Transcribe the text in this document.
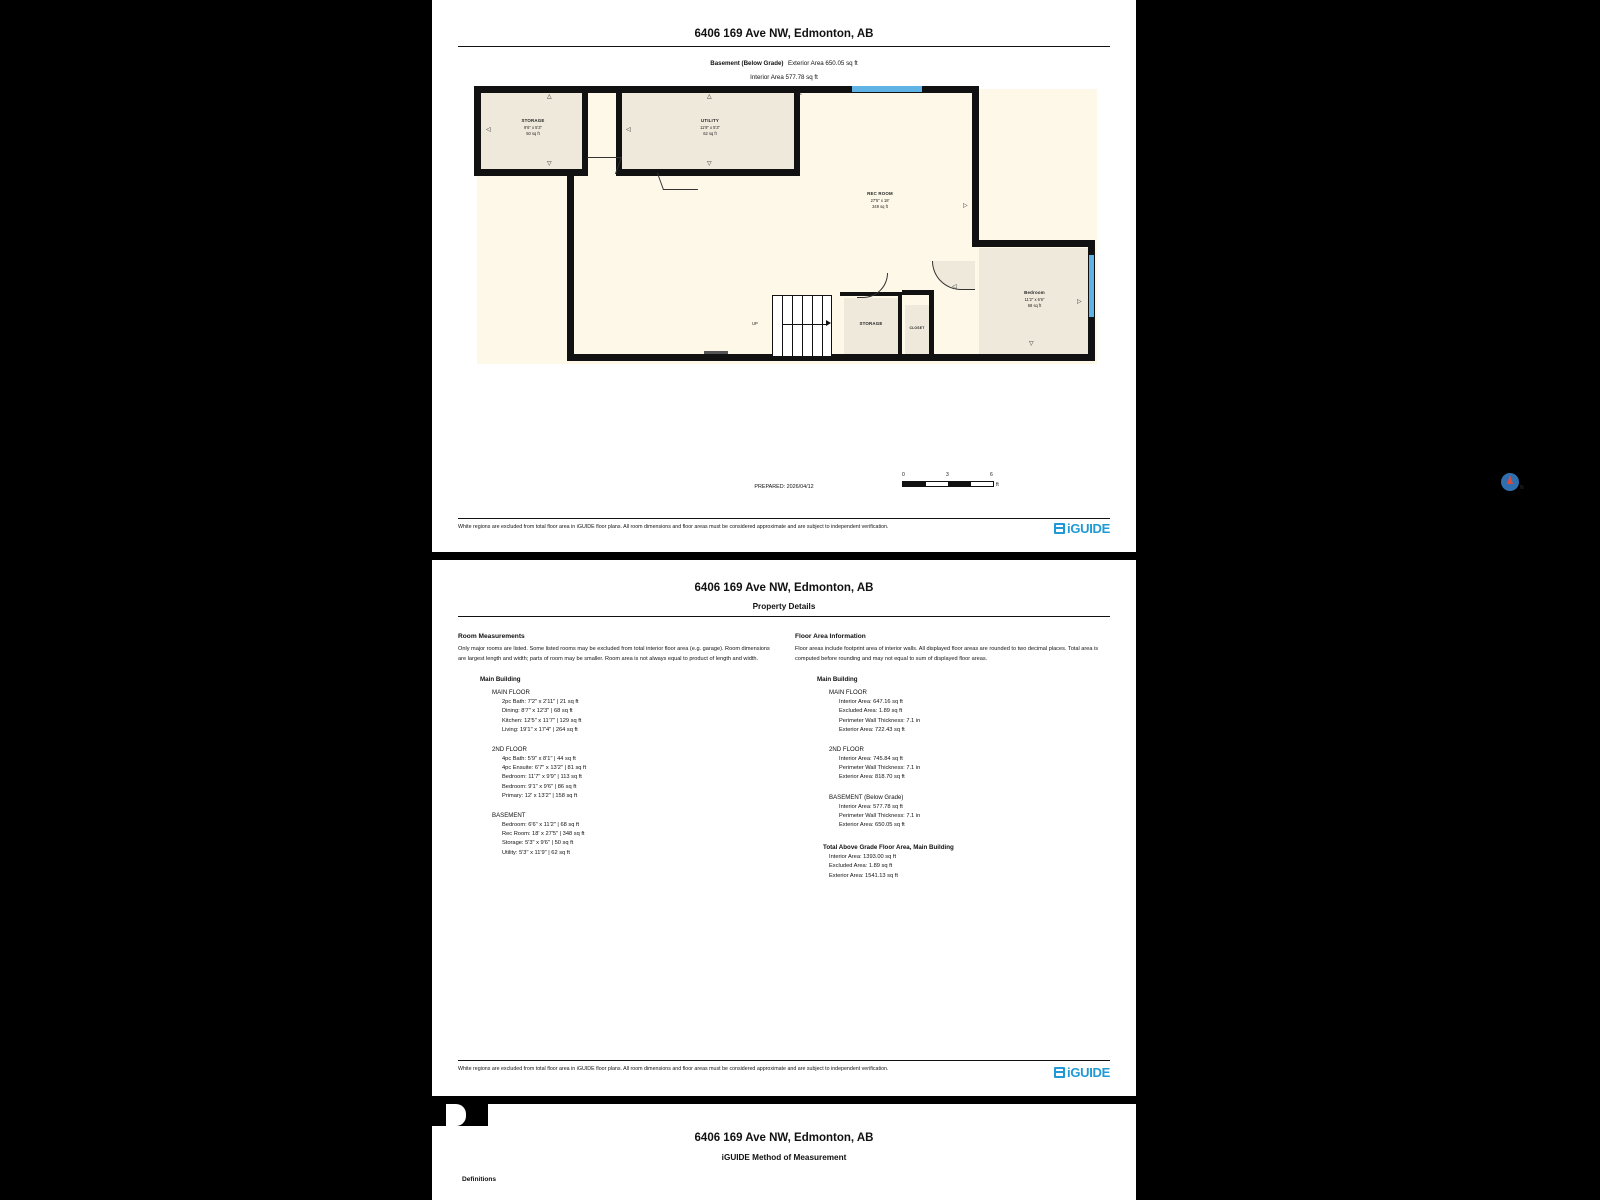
6406 169 Ave NW, Edmonton, AB
Basement (Below Grade) Exterior Area 650.05 sq ft
Interior Area 577.78 sq ft
STORAGE
9'6" x 5'3"
50 sq ft
△
◁
▽
UTILITY
11'9" x 5'3"
62 sq ft
△
◁
▽
REC ROOM
27'5" x 18'
349 sq ft
△
▷
Bedroom
11'2" x 6'6"
68 sq ft
▷
▽
STORAGE
CLOSET
◁
UP
0	3	6
ft
PREPARED: 2026/04/12	N
White regions are excluded from total floor area in iGUIDE floor plans. All room dimensions and floor areas must be considered approximate and are subject to independent verification.	iGUIDE
6406 169 Ave NW, Edmonton, AB
Property Details
Room Measurements
Only major rooms are listed. Some listed rooms may be excluded from total interior floor area (e.g. garage). Room dimensions are largest length and width; parts of room may be smaller. Room area is not always equal to product of length and width.
Main Building
MAIN FLOOR
2pc Bath: 7'2" x 2'11" | 21 sq ft
Dining: 8'7" x 12'3" | 68 sq ft
Kitchen: 12'5" x 11'7" | 129 sq ft
Living: 19'1" x 17'4" | 264 sq ft
2ND FLOOR
4pc Bath: 5'9" x 8'1" | 44 sq ft
4pc Ensuite: 6'7" x 13'2" | 81 sq ft
Bedroom: 11'7" x 9'9" | 113 sq ft
Bedroom: 9'1" x 9'6" | 86 sq ft
Primary: 12' x 13'2" | 158 sq ft
BASEMENT
Bedroom: 6'6" x 11'2" | 68 sq ft
Rec Room: 18' x 27'5" | 348 sq ft
Storage: 5'3" x 9'6" | 50 sq ft
Utility: 5'3" x 11'9" | 62 sq ft
Floor Area Information
Floor areas include footprint area of interior walls. All displayed floor areas are rounded to two decimal places. Total area is computed before rounding and may not equal to sum of displayed floor areas.
Main Building
MAIN FLOOR
Interior Area: 647.16 sq ft
Excluded Area: 1.89 sq ft
Perimeter Wall Thickness: 7.1 in
Exterior Area: 722.43 sq ft
2ND FLOOR
Interior Area: 745.84 sq ft
Perimeter Wall Thickness: 7.1 in
Exterior Area: 818.70 sq ft
BASEMENT (Below Grade)
Interior Area: 577.78 sq ft
Perimeter Wall Thickness: 7.1 in
Exterior Area: 650.05 sq ft
Total Above Grade Floor Area, Main Building
Interior Area: 1393.00 sq ft
Excluded Area: 1.89 sq ft
Exterior Area: 1541.13 sq ft
White regions are excluded from total floor area in iGUIDE floor plans. All room dimensions and floor areas must be considered approximate and are subject to independent verification.	iGUIDE
6406 169 Ave NW, Edmonton, AB
iGUIDE Method of Measurement
Definitions
